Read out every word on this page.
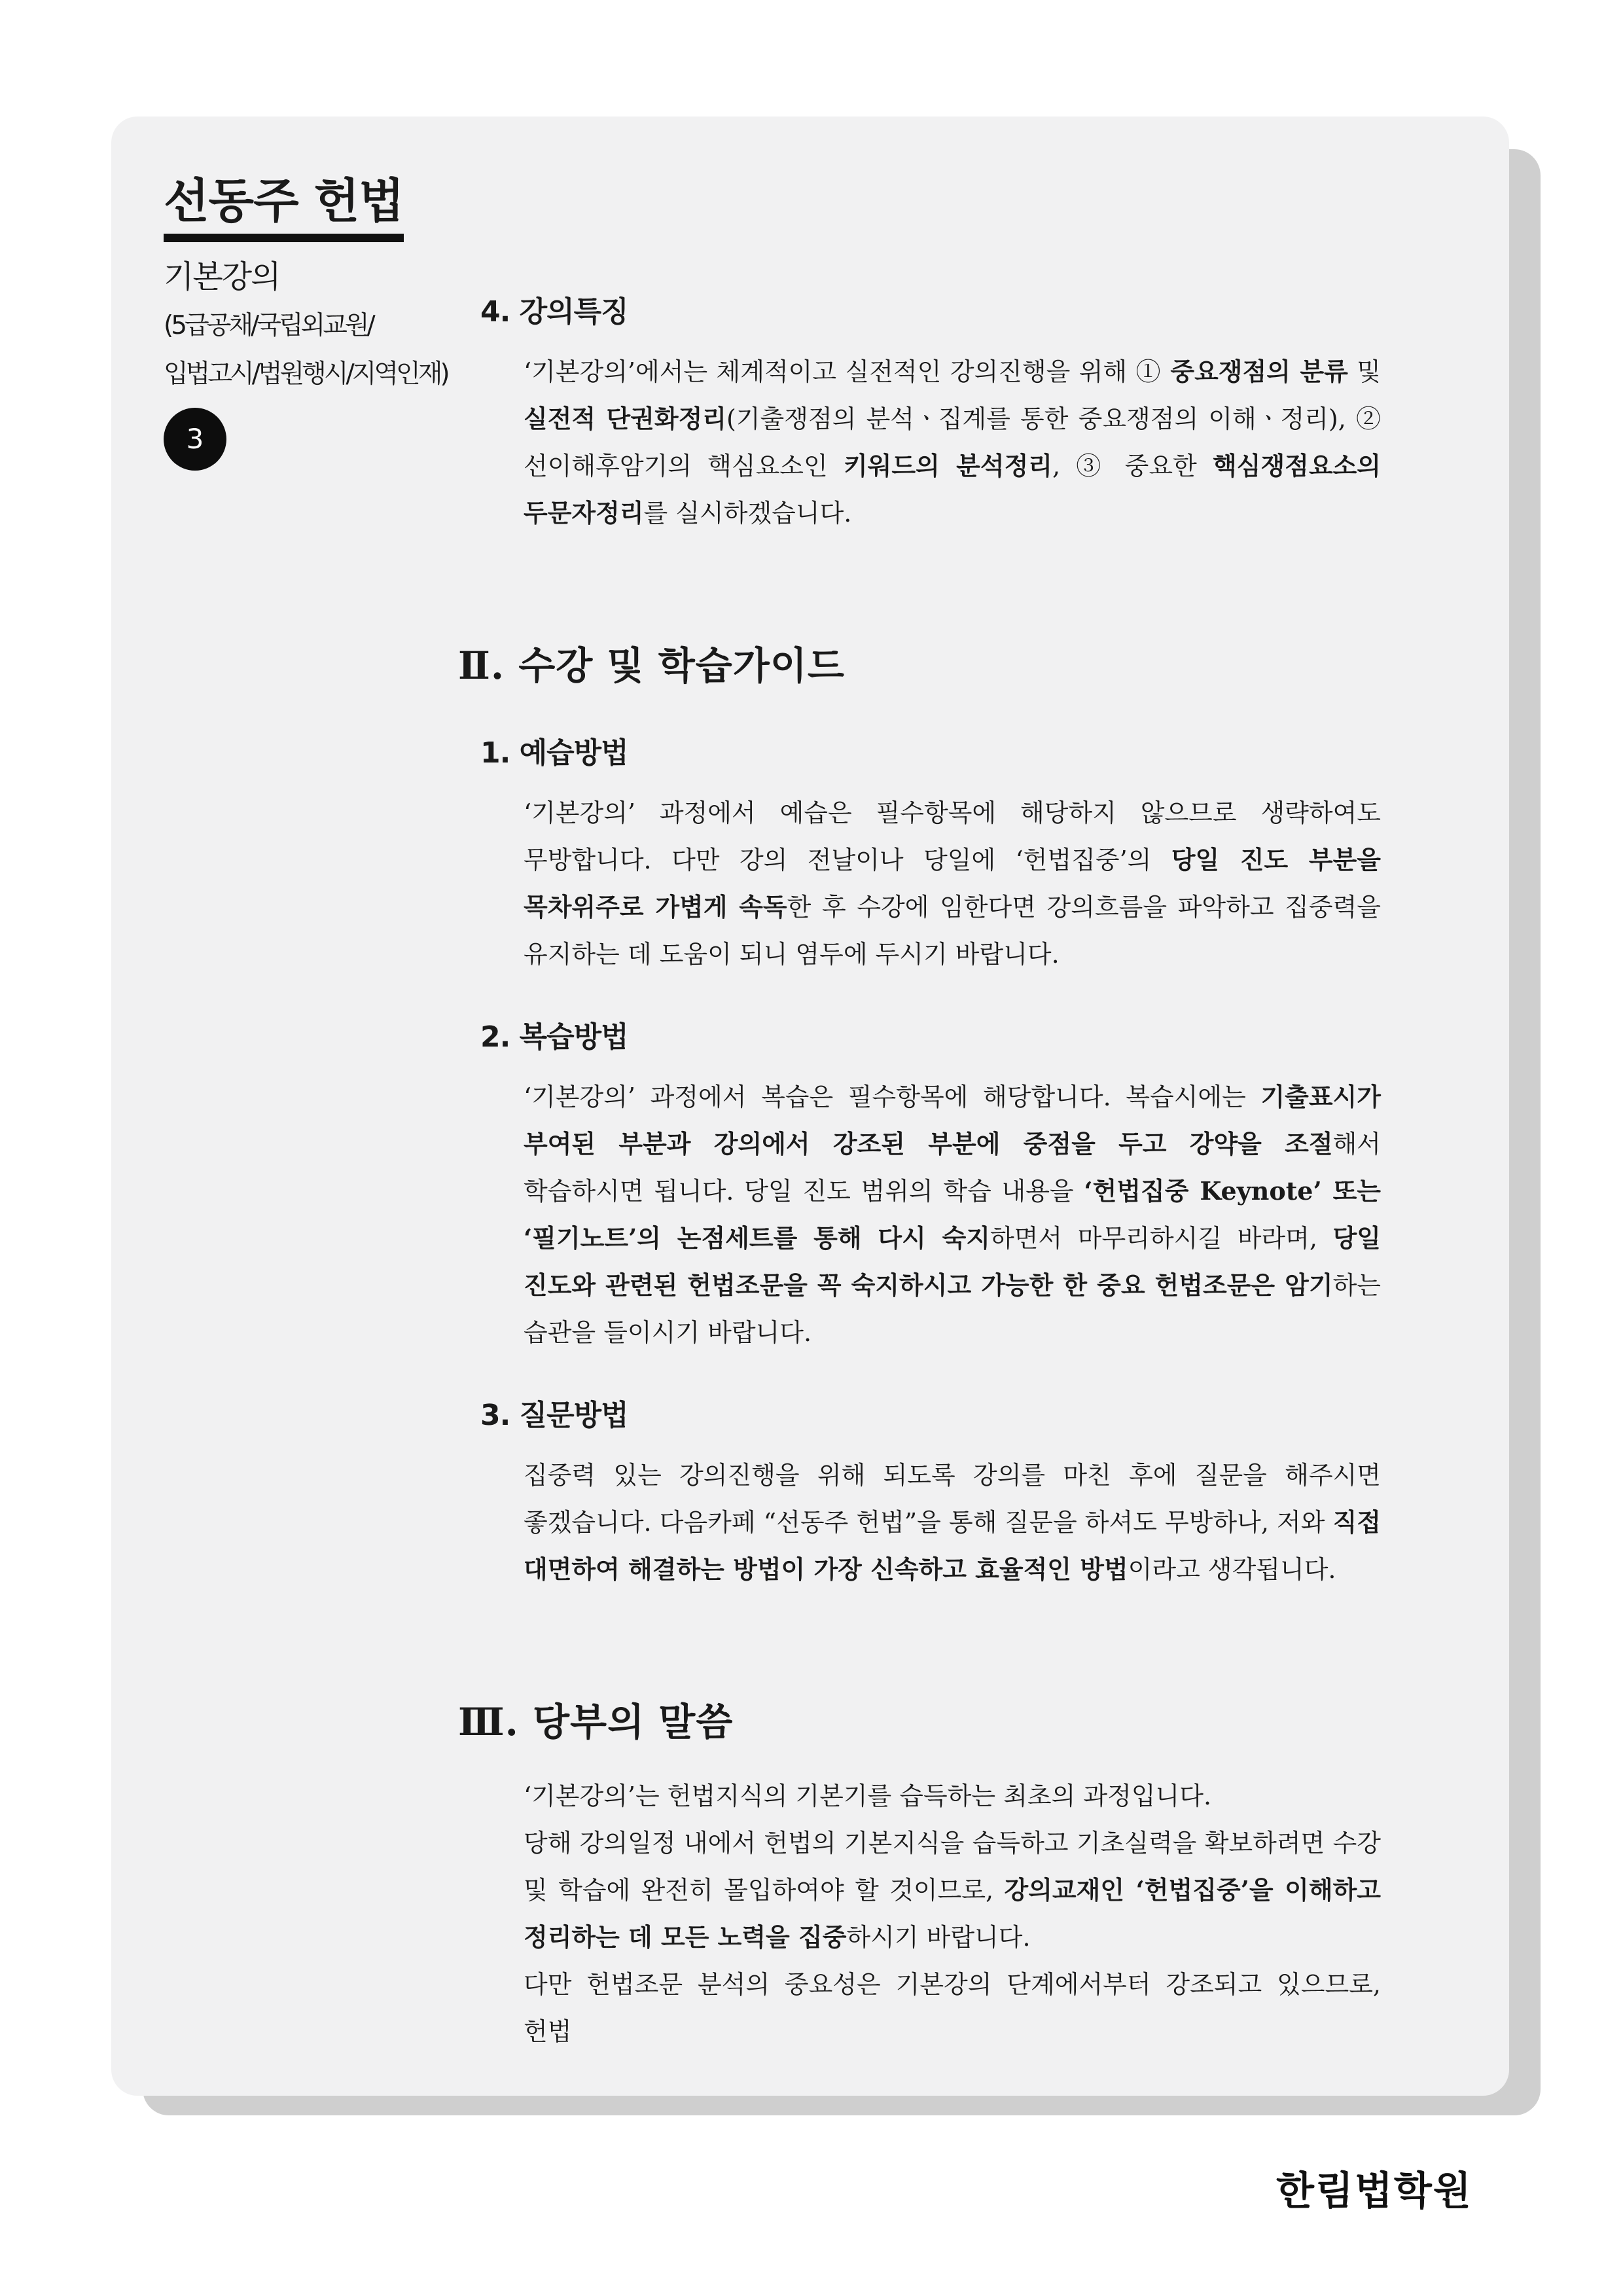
선동주 헌법
기본강의
(5급공채/국립외교원/
입법고시/법원행시/지역인재)
3
4. 강의특징

‘기본강의’에서는 체계적이고 실전적인 강의진행을 위해 ① 중요쟁점의 분류 및 실전적 단권화정리(기출쟁점의 분석ㆍ집계를 통한 중요쟁점의 이해ㆍ정리), ② 선이해후암기의 핵심요소인 키워드의 분석정리, ③ 중요한 핵심쟁점요소의 두문자정리를 실시하겠습니다.

Ⅱ. 수강 및 학습가이드
1. 예습방법

‘기본강의’ 과정에서 예습은 필수항목에 해당하지 않으므로 생략하여도 무방합니다. 다만 강의 전날이나 당일에 ‘헌법집중’의 당일 진도 부분을 목차위주로 가볍게 속독한 후 수강에 임한다면 강의흐름을 파악하고 집중력을 유지하는 데 도움이 되니 염두에 두시기 바랍니다.

2. 복습방법

‘기본강의’ 과정에서 복습은 필수항목에 해당합니다. 복습시에는 기출표시가 부여된 부분과 강의에서 강조된 부분에 중점을 두고 강약을 조절해서 학습하시면 됩니다. 당일 진도 범위의 학습 내용을 ‘헌법집중 Keynote’ 또는 ‘필기노트’의 논점세트를 통해 다시 숙지하면서 마무리하시길 바라며, 당일 진도와 관련된 헌법조문을 꼭 숙지하시고 가능한 한 중요 헌법조문은 암기하는 습관을 들이시기 바랍니다.

3. 질문방법

집중력 있는 강의진행을 위해 되도록 강의를 마친 후에 질문을 해주시면 좋겠습니다. 다음카페 “선동주 헌법”을 통해 질문을 하셔도 무방하나, 저와 직접 대면하여 해결하는 방법이 가장 신속하고 효율적인 방법이라고 생각됩니다.

Ⅲ. 당부의 말씀

‘기본강의’는 헌법지식의 기본기를 습득하는 최초의 과정입니다.

당해 강의일정 내에서 헌법의 기본지식을 습득하고 기초실력을 확보하려면 수강 및 학습에 완전히 몰입하여야 할 것이므로, 강의교재인 ‘헌법집중’을 이해하고 정리하는 데 모든 노력을 집중하시기 바랍니다.

다만 헌법조문 분석의 중요성은 기본강의 단계에서부터 강조되고 있으므로, 헌법

한림법학원
